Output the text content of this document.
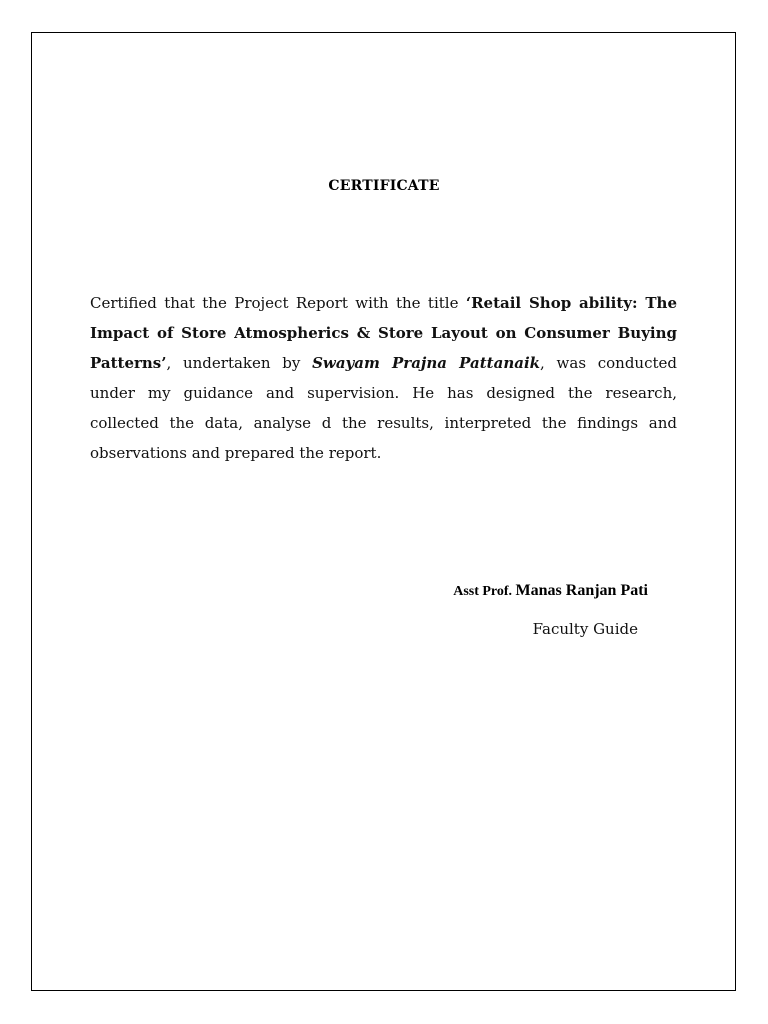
CERTIFICATE
Certified that the Project Report with the title ‘Retail Shop ability: The Impact of Store Atmospherics & Store Layout on Consumer Buying Patterns’, undertaken by Swayam Prajna Pattanaik, was conducted under my guidance and supervision. He has designed the research, collected the data, analyse d the results, interpreted the findings and observations and prepared the report.
Asst Prof. Manas Ranjan Pati
Faculty Guide
